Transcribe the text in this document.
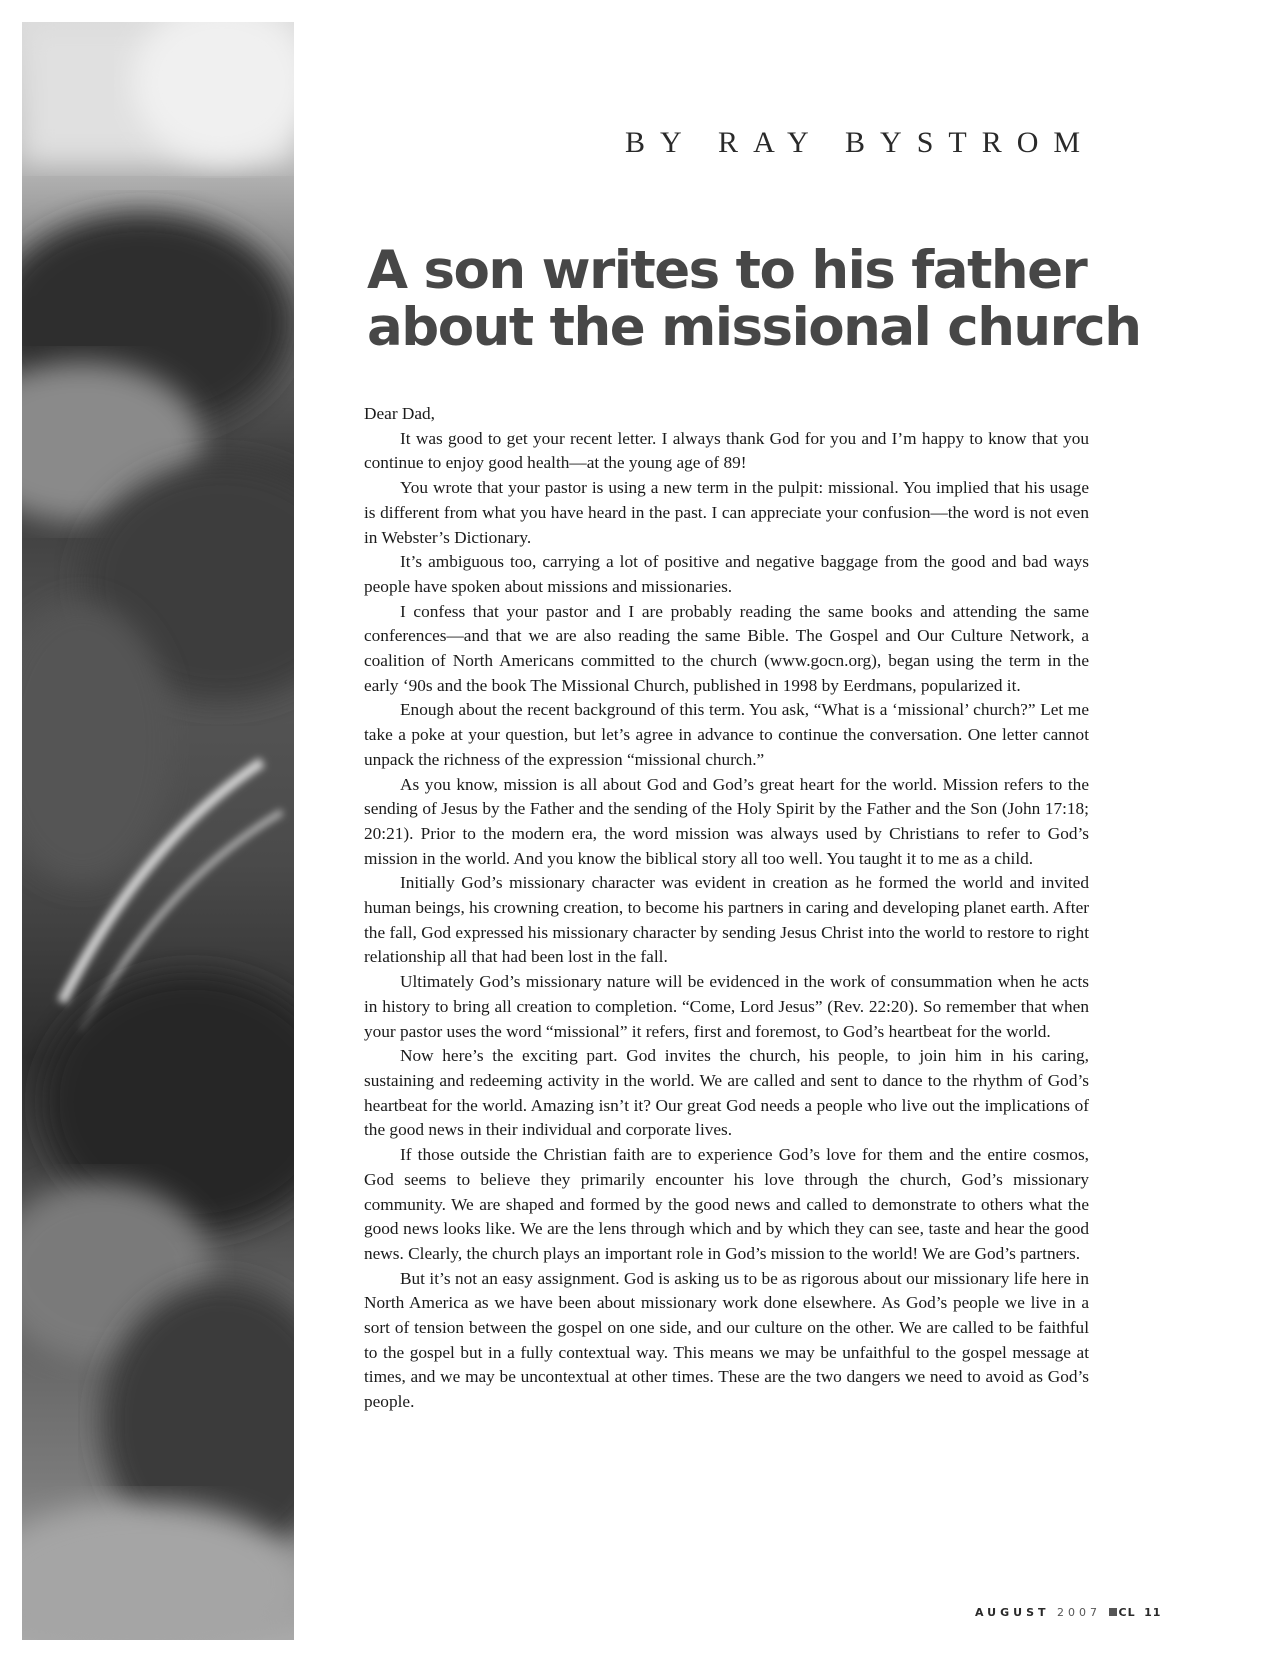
BY RAY BYSTROM
A son writes to his father
about the missional church

Dear Dad,

It was good to get your recent letter. I always thank God for you and I’m happy to know that you continue to enjoy good health—at the young age of 89!

You wrote that your pastor is using a new term in the pulpit: missional. You implied that his usage is different from what you have heard in the past. I can appreciate your confusion—the word is not even in Webster’s Dictionary.

It’s ambiguous too, carrying a lot of positive and negative baggage from the good and bad ways people have spoken about missions and missionaries.

I confess that your pastor and I are probably reading the same books and attending the same conferences—and that we are also reading the same Bible. The Gospel and Our Culture Network, a coalition of North Americans committed to the church (www.gocn.org), began using the term in the early ‘90s and the book The Missional Church, published in 1998 by Eerdmans, popularized it.

Enough about the recent background of this term. You ask, “What is a ‘missional’ church?” Let me take a poke at your question, but let’s agree in advance to continue the conversation. One letter cannot unpack the richness of the expression “missional church.”

As you know, mission is all about God and God’s great heart for the world. Mission refers to the sending of Jesus by the Father and the sending of the Holy Spirit by the Father and the Son (John 17:18; 20:21). Prior to the modern era, the word mission was always used by Christians to refer to God’s mission in the world. And you know the biblical story all too well. You taught it to me as a child.

Initially God’s missionary character was evident in creation as he formed the world and invited human beings, his crowning creation, to become his partners in caring and developing planet earth. After the fall, God expressed his missionary character by sending Jesus Christ into the world to restore to right relationship all that had been lost in the fall.

Ultimately God’s missionary nature will be evidenced in the work of consummation when he acts in history to bring all creation to completion. “Come, Lord Jesus” (Rev. 22:20). So remember that when your pastor uses the word “missional” it refers, first and foremost, to God’s heartbeat for the world.

Now here’s the exciting part. God invites the church, his people, to join him in his caring, sustaining and redeeming activity in the world. We are called and sent to dance to the rhythm of God’s heartbeat for the world. Amazing isn’t it? Our great God needs a people who live out the implications of the good news in their individual and corporate lives.

If those outside the Christian faith are to experience God’s love for them and the entire cosmos, God seems to believe they primarily encounter his love through the church, God’s missionary community. We are shaped and formed by the good news and called to demonstrate to others what the good news looks like. We are the lens through which and by which they can see, taste and hear the good news. Clearly, the church plays an important role in God’s mission to the world! We are God’s partners.

But it’s not an easy assignment. God is asking us to be as rigorous about our missionary life here in North America as we have been about missionary work done elsewhere. As God’s people we live in a sort of tension between the gospel on one side, and our culture on the other. We are called to be faithful to the gospel but in a fully contextual way. This means we may be unfaithful to the gospel message at times, and we may be uncontextual at other times. These are the two dangers we need to avoid as God’s people.

AUGUST 2007 CL 11
